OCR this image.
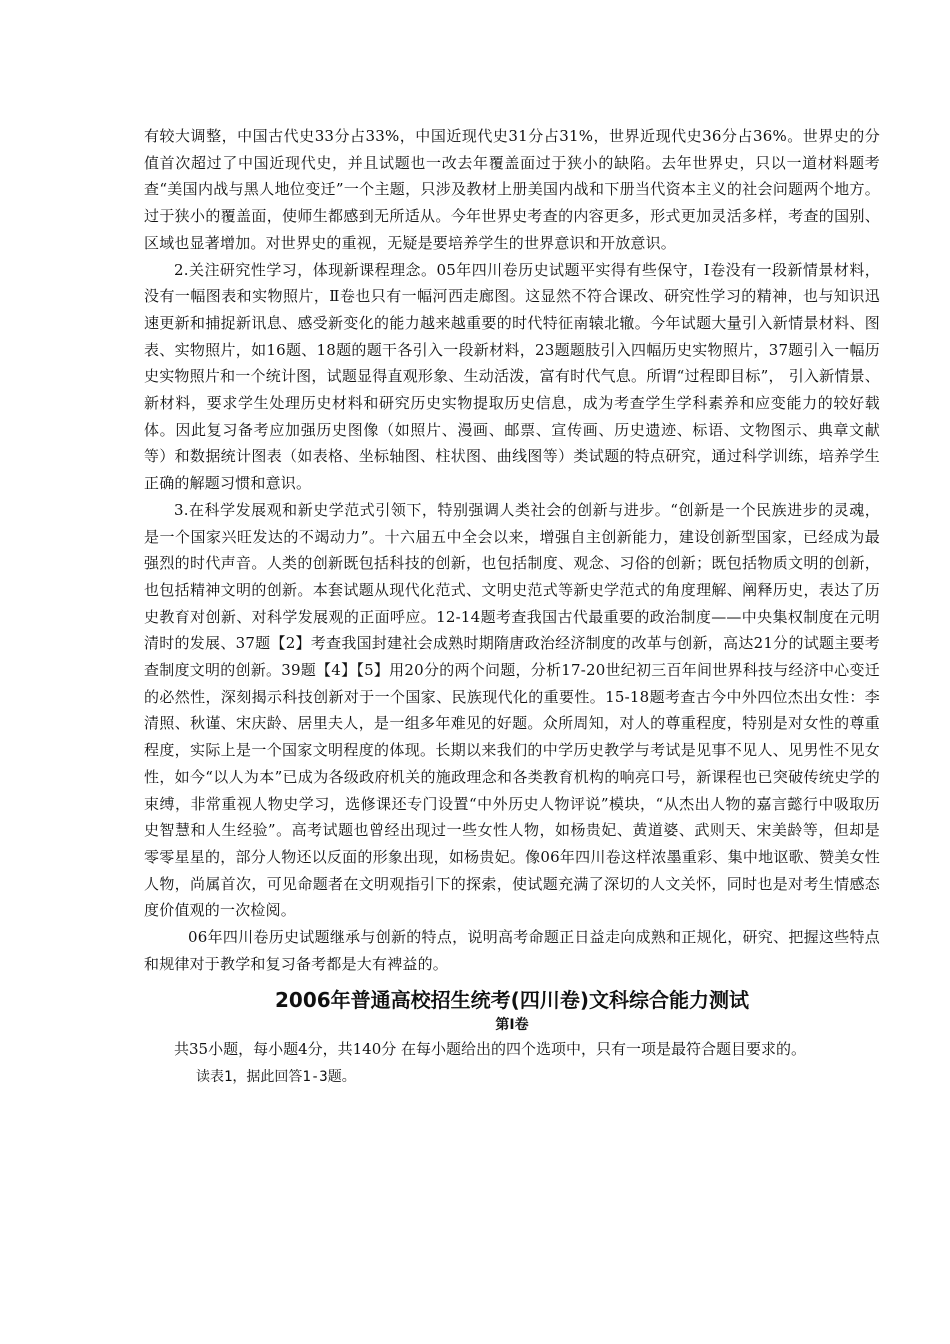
有较大调整，中国古代史33分占33%，中国近现代史31分占31%，世界近现代史36分占36%。世界史的分值首次超过了中国近现代史，并且试题也一改去年覆盖面过于狭小的缺陷。去年世界史，只以一道材料题考查“美国内战与黑人地位变迁”一个主题，只涉及教材上册美国内战和下册当代资本主义的社会问题两个地方。过于狭小的覆盖面，使师生都感到无所适从。今年世界史考查的内容更多，形式更加灵活多样，考查的国别、区域也显著增加。对世界史的重视，无疑是要培养学生的世界意识和开放意识。

2.关注研究性学习，体现新课程理念。05年四川卷历史试题平实得有些保守，Ⅰ卷没有一段新情景材料，没有一幅图表和实物照片，Ⅱ卷也只有一幅河西走廊图。这显然不符合课改、研究性学习的精神，也与知识迅速更新和捕捉新讯息、感受新变化的能力越来越重要的时代特征南辕北辙。今年试题大量引入新情景材料、图表、实物照片，如16题、18题的题干各引入一段新材料，23题题肢引入四幅历史实物照片，37题引入一幅历史实物照片和一个统计图，试题显得直观形象、生动活泼，富有时代气息。所谓“过程即目标”， 引入新情景、新材料，要求学生处理历史材料和研究历史实物提取历史信息，成为考查学生学科素养和应变能力的较好载体。因此复习备考应加强历史图像（如照片、漫画、邮票、宣传画、历史遗迹、标语、文物图示、典章文献等）和数据统计图表（如表格、坐标轴图、柱状图、曲线图等）类试题的特点研究，通过科学训练，培养学生正确的解题习惯和意识。

3.在科学发展观和新史学范式引领下，特别强调人类社会的创新与进步。“创新是一个民族进步的灵魂，是一个国家兴旺发达的不竭动力”。十六届五中全会以来，增强自主创新能力，建设创新型国家，已经成为最强烈的时代声音。人类的创新既包括科技的创新，也包括制度、观念、习俗的创新；既包括物质文明的创新，也包括精神文明的创新。本套试题从现代化范式、文明史范式等新史学范式的角度理解、阐释历史，表达了历史教育对创新、对科学发展观的正面呼应。12-14题考查我国古代最重要的政治制度——中央集权制度在元明清时的发展、37题【2】考查我国封建社会成熟时期隋唐政治经济制度的改革与创新，高达21分的试题主要考查制度文明的创新。39题【4】【5】用20分的两个问题，分析17-20世纪初三百年间世界科技与经济中心变迁的必然性，深刻揭示科技创新对于一个国家、民族现代化的重要性。15-18题考查古今中外四位杰出女性：李清照、秋谨、宋庆龄、居里夫人，是一组多年难见的好题。众所周知，对人的尊重程度，特别是对女性的尊重程度，实际上是一个国家文明程度的体现。长期以来我们的中学历史教学与考试是见事不见人、见男性不见女性，如今“以人为本”已成为各级政府机关的施政理念和各类教育机构的响亮口号，新课程也已突破传统史学的束缚，非常重视人物史学习，选修课还专门设置“中外历史人物评说”模块，“从杰出人物的嘉言懿行中吸取历史智慧和人生经验”。高考试题也曾经出现过一些女性人物，如杨贵妃、黄道婆、武则天、宋美龄等，但却是零零星星的，部分人物还以反面的形象出现，如杨贵妃。像06年四川卷这样浓墨重彩、集中地讴歌、赞美女性人物，尚属首次，可见命题者在文明观指引下的探索，使试题充满了深切的人文关怀，同时也是对考生情感态度价值观的一次检阅。

06年四川卷历史试题继承与创新的特点，说明高考命题正日益走向成熟和正规化，研究、把握这些特点和规律对于教学和复习备考都是大有裨益的。

2006年普通高校招生统考(四川卷)文科综合能力测试
第Ⅰ卷

共35小题，每小题4分，共140分 在每小题给出的四个选项中，只有一项是最符合题目要求的。

读表1，据此回答1-3题。
